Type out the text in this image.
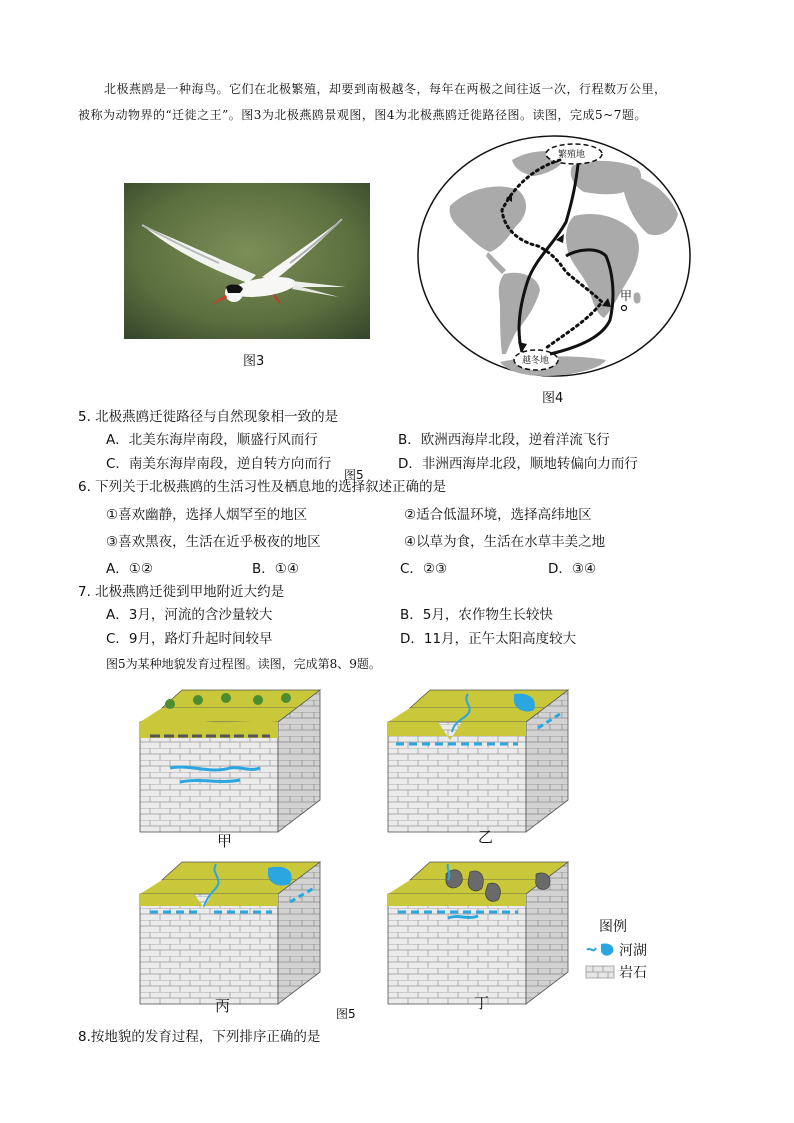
北极燕鸥是一种海鸟。它们在北极繁殖，却要到南极越冬，每年在两极之间往返一次，行程数万公里，

被称为动物界的“迁徙之王”。图3为北极燕鸥景观图，图4为北极燕鸥迁徙路径图。读图，完成5~7题。

图3
甲
繁殖地
越冬地
图4
5. 北极燕鸥迁徙路径与自然现象相一致的是
A．北美东海岸南段，顺盛行风而行	B．欧洲西海岸北段，逆着洋流飞行
C．南美东海岸南段，逆自转方向而行	D．非洲西海岸北段，顺地转偏向力而行
图5
6. 下列关于北极燕鸥的生活习性及栖息地的选择叙述正确的是
①喜欢幽静，选择人烟罕至的地区	②适合低温环境，选择高纬地区
③喜欢黑夜，生活在近乎极夜的地区	④以草为食，生活在水草丰美之地
A．①②	B．①④	C．②③	D．③④
7. 北极燕鸥迁徙到甲地附近大约是
A．3月，河流的含沙量较大	B．5月，农作物生长较快
C．9月，路灯升起时间较早	D．11月，正午太阳高度较大
图5为某种地貌发育过程图。读图，完成第8、9题。
甲	乙
丙	丁
图5
图例
河湖
岩石
8.按地貌的发育过程，下列排序正确的是
